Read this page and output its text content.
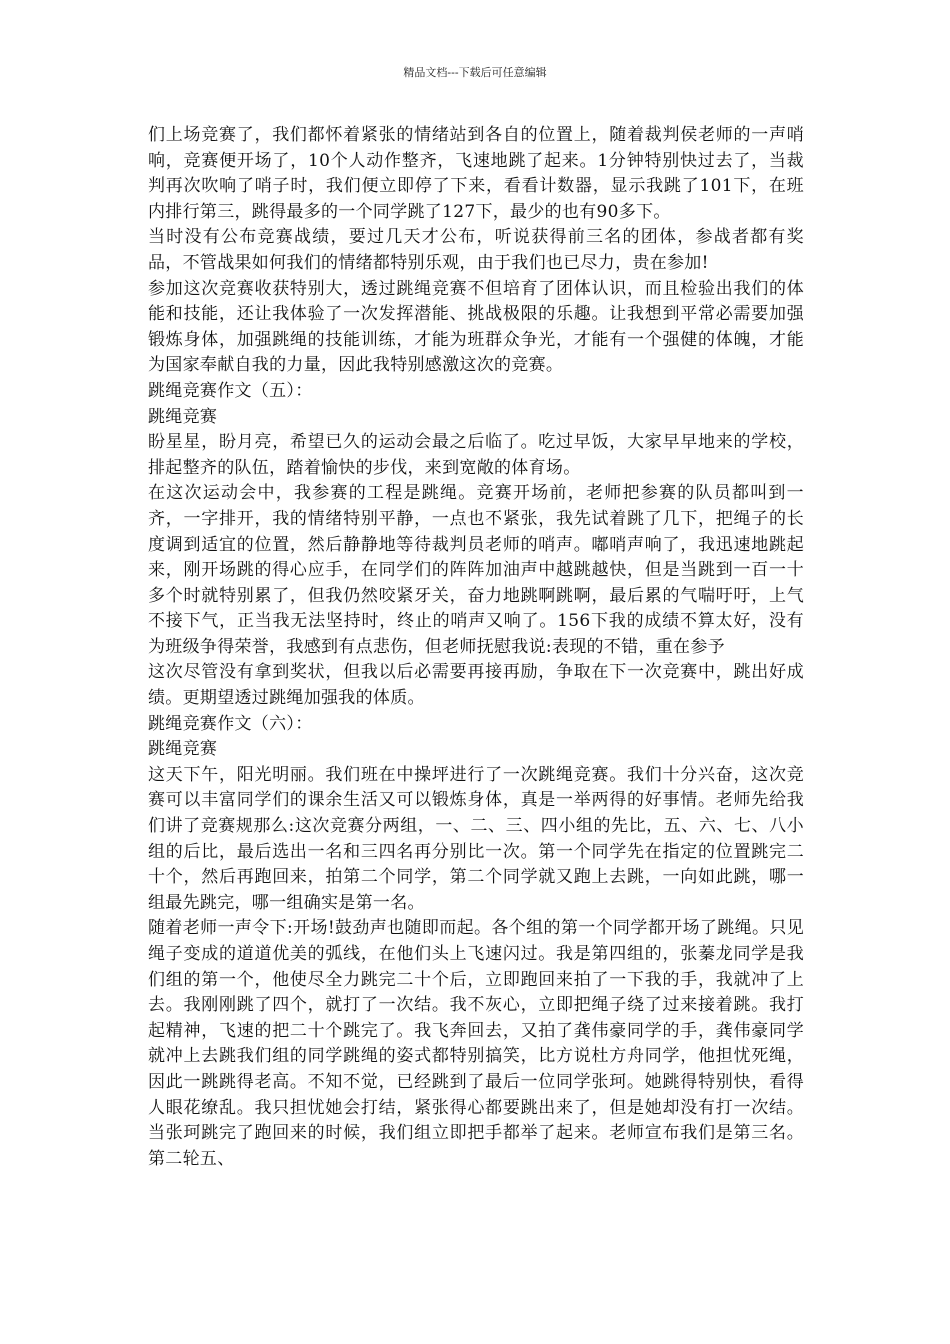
精品文档---下载后可任意编辑

们上场竞赛了，我们都怀着紧张的情绪站到各自的位置上，随着裁判侯老师的一声哨响，竞赛便开场了，10个人动作整齐，飞速地跳了起来。1分钟特别快过去了，当裁判再次吹响了哨子时，我们便立即停了下来，看看计数器，显示我跳了101下，在班内排行第三，跳得最多的一个同学跳了127下，最少的也有90多下。

当时没有公布竞赛战绩，要过几天才公布，听说获得前三名的团体，参战者都有奖品，不管战果如何我们的情绪都特别乐观，由于我们也已尽力，贵在参加!

参加这次竞赛收获特别大，透过跳绳竞赛不但培育了团体认识，而且检验出我们的体能和技能，还让我体验了一次发挥潜能、挑战极限的乐趣。让我想到平常必需要加强锻炼身体，加强跳绳的技能训练，才能为班群众争光，才能有一个强健的体魄，才能为国家奉献自我的力量，因此我特别感激这次的竞赛。

跳绳竞赛作文（五）：

跳绳竞赛

盼星星，盼月亮，希望已久的运动会最之后临了。吃过早饭，大家早早地来的学校，排起整齐的队伍，踏着愉快的步伐，来到宽敞的体育场。

在这次运动会中，我参赛的工程是跳绳。竞赛开场前，老师把参赛的队员都叫到一齐，一字排开，我的情绪特别平静，一点也不紧张，我先试着跳了几下，把绳子的长度调到适宜的位置，然后静静地等待裁判员老师的哨声。嘟哨声响了，我迅速地跳起来，刚开场跳的得心应手，在同学们的阵阵加油声中越跳越快，但是当跳到一百一十多个时就特别累了，但我仍然咬紧牙关，奋力地跳啊跳啊，最后累的气喘吁吁，上气不接下气，正当我无法坚持时，终止的哨声又响了。156下我的成绩不算太好，没有为班级争得荣誉，我感到有点悲伤，但老师抚慰我说:表现的不错，重在参予

这次尽管没有拿到奖状，但我以后必需要再接再励，争取在下一次竞赛中，跳出好成绩。更期望透过跳绳加强我的体质。

跳绳竞赛作文（六）：

跳绳竞赛

这天下午，阳光明丽。我们班在中操坪进行了一次跳绳竞赛。我们十分兴奋，这次竞赛可以丰富同学们的课余生活又可以锻炼身体，真是一举两得的好事情。老师先给我们讲了竞赛规那么:这次竞赛分两组，一、二、三、四小组的先比，五、六、七、八小组的后比，最后选出一名和三四名再分别比一次。第一个同学先在指定的位置跳完二十个，然后再跑回来，拍第二个同学，第二个同学就又跑上去跳，一向如此跳，哪一组最先跳完，哪一组确实是第一名。

随着老师一声令下:开场!鼓劲声也随即而起。各个组的第一个同学都开场了跳绳。只见绳子变成的道道优美的弧线，在他们头上飞速闪过。我是第四组的，张蓁龙同学是我们组的第一个，他使尽全力跳完二十个后，立即跑回来拍了一下我的手，我就冲了上去。我刚刚跳了四个，就打了一次结。我不灰心，立即把绳子绕了过来接着跳。我打起精神，飞速的把二十个跳完了。我飞奔回去，又拍了龚伟豪同学的手，龚伟豪同学就冲上去跳我们组的同学跳绳的姿式都特别搞笑，比方说杜方舟同学，他担忧死绳，因此一跳跳得老高。不知不觉，已经跳到了最后一位同学张珂。她跳得特别快，看得人眼花缭乱。我只担忧她会打结，紧张得心都要跳出来了，但是她却没有打一次结。当张珂跳完了跑回来的时候，我们组立即把手都举了起来。老师宣布我们是第三名。第二轮五、
